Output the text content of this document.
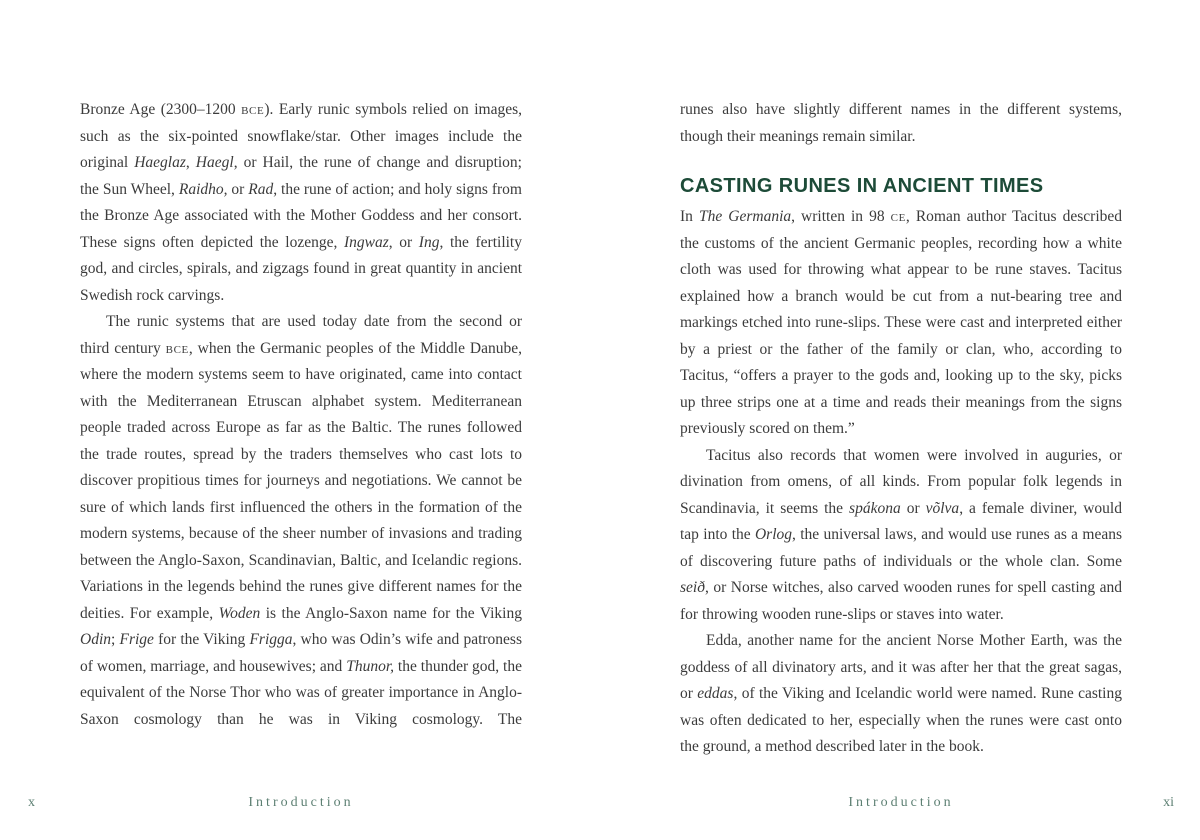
Bronze Age (2300–1200 bce). Early runic symbols relied on images, such as the six-pointed snowflake/star. Other images include the original Haeglaz, Haegl, or Hail, the rune of change and disruption; the Sun Wheel, Raidho, or Rad, the rune of action; and holy signs from the Bronze Age associated with the Mother Goddess and her consort. These signs often depicted the lozenge, Ingwaz, or Ing, the fertility god, and circles, spirals, and zigzags found in great quantity in ancient Swedish rock carvings.

The runic systems that are used today date from the second or third century bce, when the Germanic peoples of the Middle Danube, where the modern systems seem to have originated, came into contact with the Mediterranean Etruscan alphabet system. Mediterranean people traded across Europe as far as the Baltic. The runes followed the trade routes, spread by the traders themselves who cast lots to discover propitious times for journeys and negotiations. We cannot be sure of which lands first influenced the others in the formation of the modern systems, because of the sheer number of invasions and trading between the Anglo-Saxon, Scandinavian, Baltic, and Icelandic regions. Variations in the legends behind the runes give different names for the deities. For example, Woden is the Anglo-Saxon name for the Viking Odin; Frige for the Viking Frigga, who was Odin’s wife and patroness of women, marriage, and housewives; and Thunor, the thunder god, the equivalent of the Norse Thor who was of greater importance in Anglo-Saxon cosmology than he was in Viking cosmology. The

Introduction
x

runes also have slightly different names in the different systems, though their meanings remain similar.

CASTING RUNES IN ANCIENT TIMES

In The Germania, written in 98 ce, Roman author Tacitus described the customs of the ancient Germanic peoples, recording how a white cloth was used for throwing what appear to be rune staves. Tacitus explained how a branch would be cut from a nut-bearing tree and markings etched into rune-slips. These were cast and interpreted either by a priest or the father of the family or clan, who, according to Tacitus, “offers a prayer to the gods and, looking up to the sky, picks up three strips one at a time and reads their meanings from the signs previously scored on them.”

Tacitus also records that women were involved in auguries, or divination from omens, of all kinds. From popular folk legends in Scandinavia, it seems the spákona or võlva, a female diviner, would tap into the Orlog, the universal laws, and would use runes as a means of discovering future paths of individuals or the whole clan. Some seið, or Norse witches, also carved wooden runes for spell casting and for throwing wooden rune-slips or staves into water.

Edda, another name for the ancient Norse Mother Earth, was the goddess of all divinatory arts, and it was after her that the great sagas, or eddas, of the Viking and Icelandic world were named. Rune casting was often dedicated to her, especially when the runes were cast onto the ground, a method described later in the book.

Introduction	xi
